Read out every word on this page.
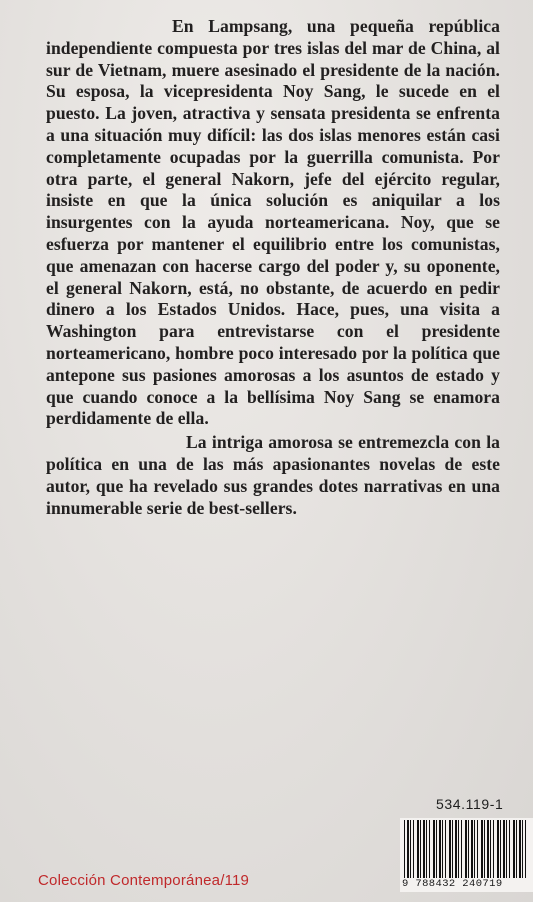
En Lampsang, una pequeña república independiente compuesta por tres islas del mar de China, al sur de Vietnam, muere asesinado el presidente de la nación. Su esposa, la vicepresidenta Noy Sang, le sucede en el puesto. La joven, atractiva y sensata presidenta se enfrenta a una situación muy difícil: las dos islas menores están casi completamente ocupadas por la guerrilla comunista. Por otra parte, el general Nakorn, jefe del ejército regular, insiste en que la única solución es aniquilar a los insurgentes con la ayuda norteamericana. Noy, que se esfuerza por mantener el equilibrio entre los comunistas, que amenazan con hacerse cargo del poder y, su oponente, el general Nakorn, está, no obstante, de acuerdo en pedir dinero a los Estados Unidos. Hace, pues, una visita a Washington para entrevistarse con el presidente norteamericano, hombre poco interesado por la política que antepone sus pasiones amorosas a los asuntos de estado y que cuando conoce a la bellísima Noy Sang se enamora perdidamente de ella.

La intriga amorosa se entremezcla con la política en una de las más apasionantes novelas de este autor, que ha revelado sus grandes dotes narrativas en una innumerable serie de best-sellers.

534.119-1
9 788432 240719
Colección Contemporánea/119
